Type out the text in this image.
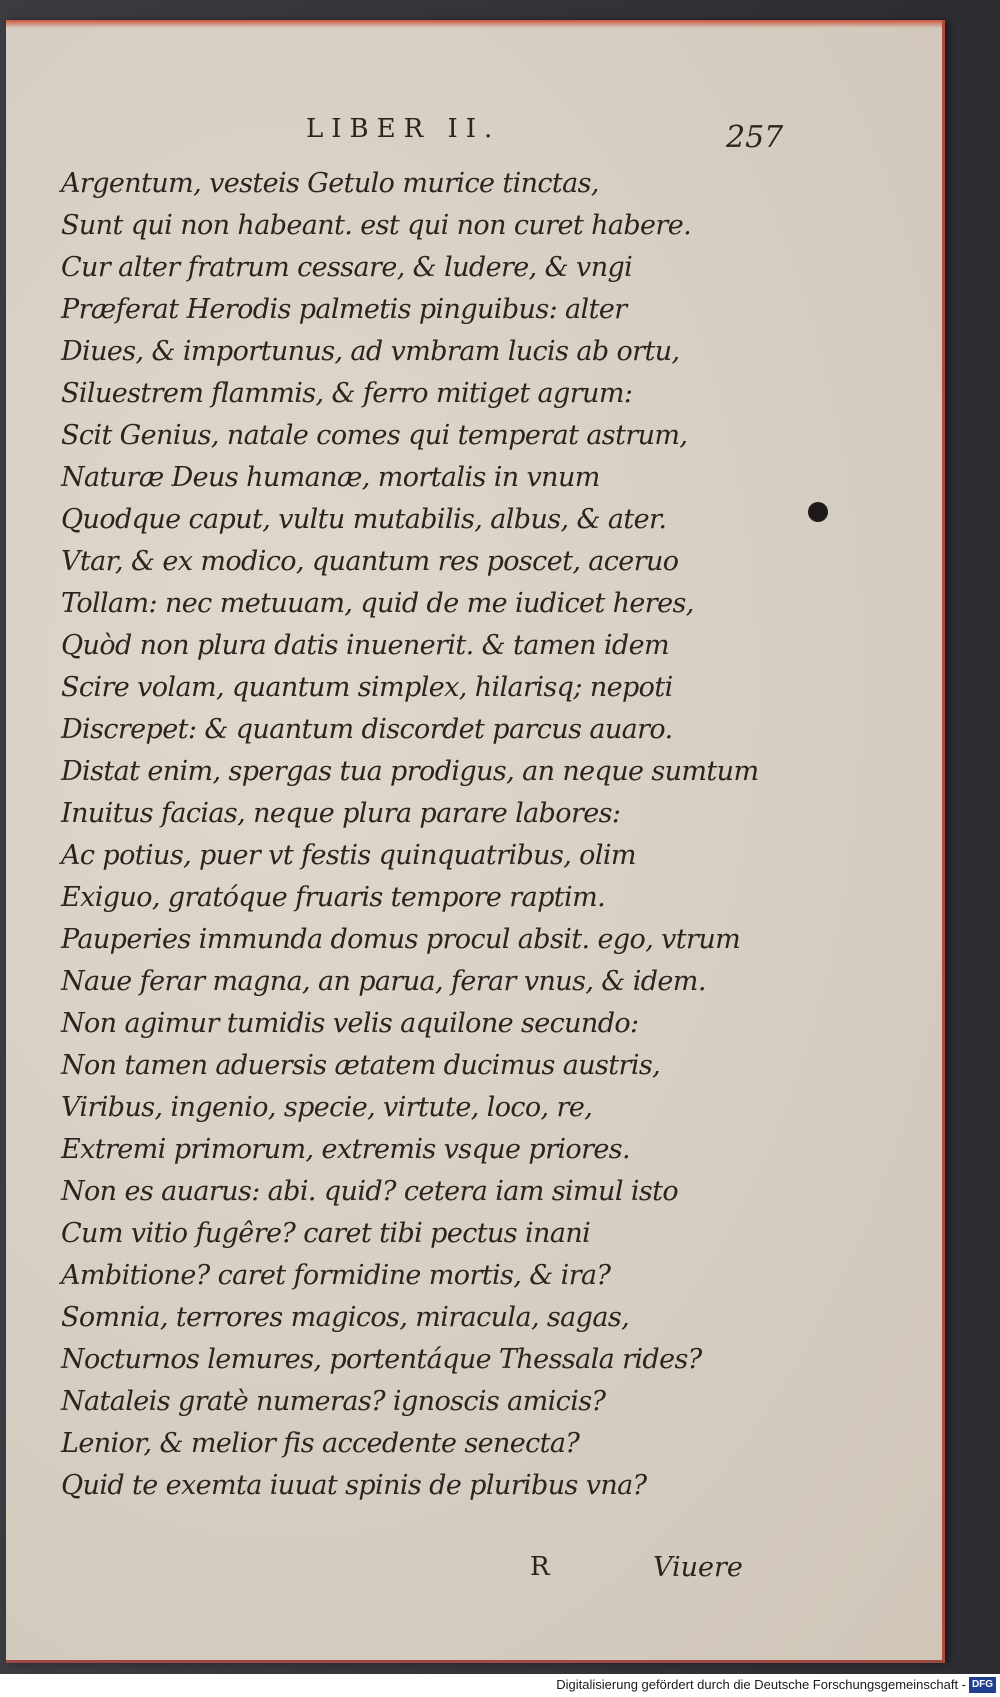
LIBER II.	257
Argentum, vesteis Getulo murice tinctas,
Sunt qui non habeant. est qui non curet habere.
Cur alter fratrum cessare, & ludere, & vngi
Præferat Herodis palmetis pinguibus: alter
Diues, & importunus, ad vmbram lucis ab ortu,
Siluestrem flammis, & ferro mitiget agrum:
Scit Genius, natale comes qui temperat astrum,
Naturæ Deus humanæ, mortalis in vnum
Quodque caput, vultu mutabilis, albus, & ater.
Vtar, & ex modico, quantum res poscet, aceruo
Tollam: nec metuuam, quid de me iudicet heres,
Quòd non plura datis inuenerit. & tamen idem
Scire volam, quantum simplex, hilarisq; nepoti
Discrepet: & quantum discordet parcus auaro.
Distat enim, spergas tua prodigus, an neque sumtum
Inuitus facias, neque plura parare labores:
Ac potius, puer vt festis quinquatribus, olim
Exiguo, gratóque fruaris tempore raptim.
Pauperies immunda domus procul absit. ego, vtrum
Naue ferar magna, an parua, ferar vnus, & idem.
Non agimur tumidis velis aquilone secundo:
Non tamen aduersis ætatem ducimus austris,
Viribus, ingenio, specie, virtute, loco, re,
Extremi primorum, extremis vsque priores.
Non es auarus: abi. quid? cetera iam simul isto
Cum vitio fugêre? caret tibi pectus inani
Ambitione? caret formidine mortis, & ira?
Somnia, terrores magicos, miracula, sagas,
Nocturnos lemures, portentáque Thessala rides?
Nataleis gratè numeras? ignoscis amicis?
Lenior, & melior fis accedente senecta?
Quid te exemta iuuat spinis de pluribus vna?
R	Viuere
Digitalisierung gefördert durch die Deutsche Forschungsgemeinschaft - DFG
